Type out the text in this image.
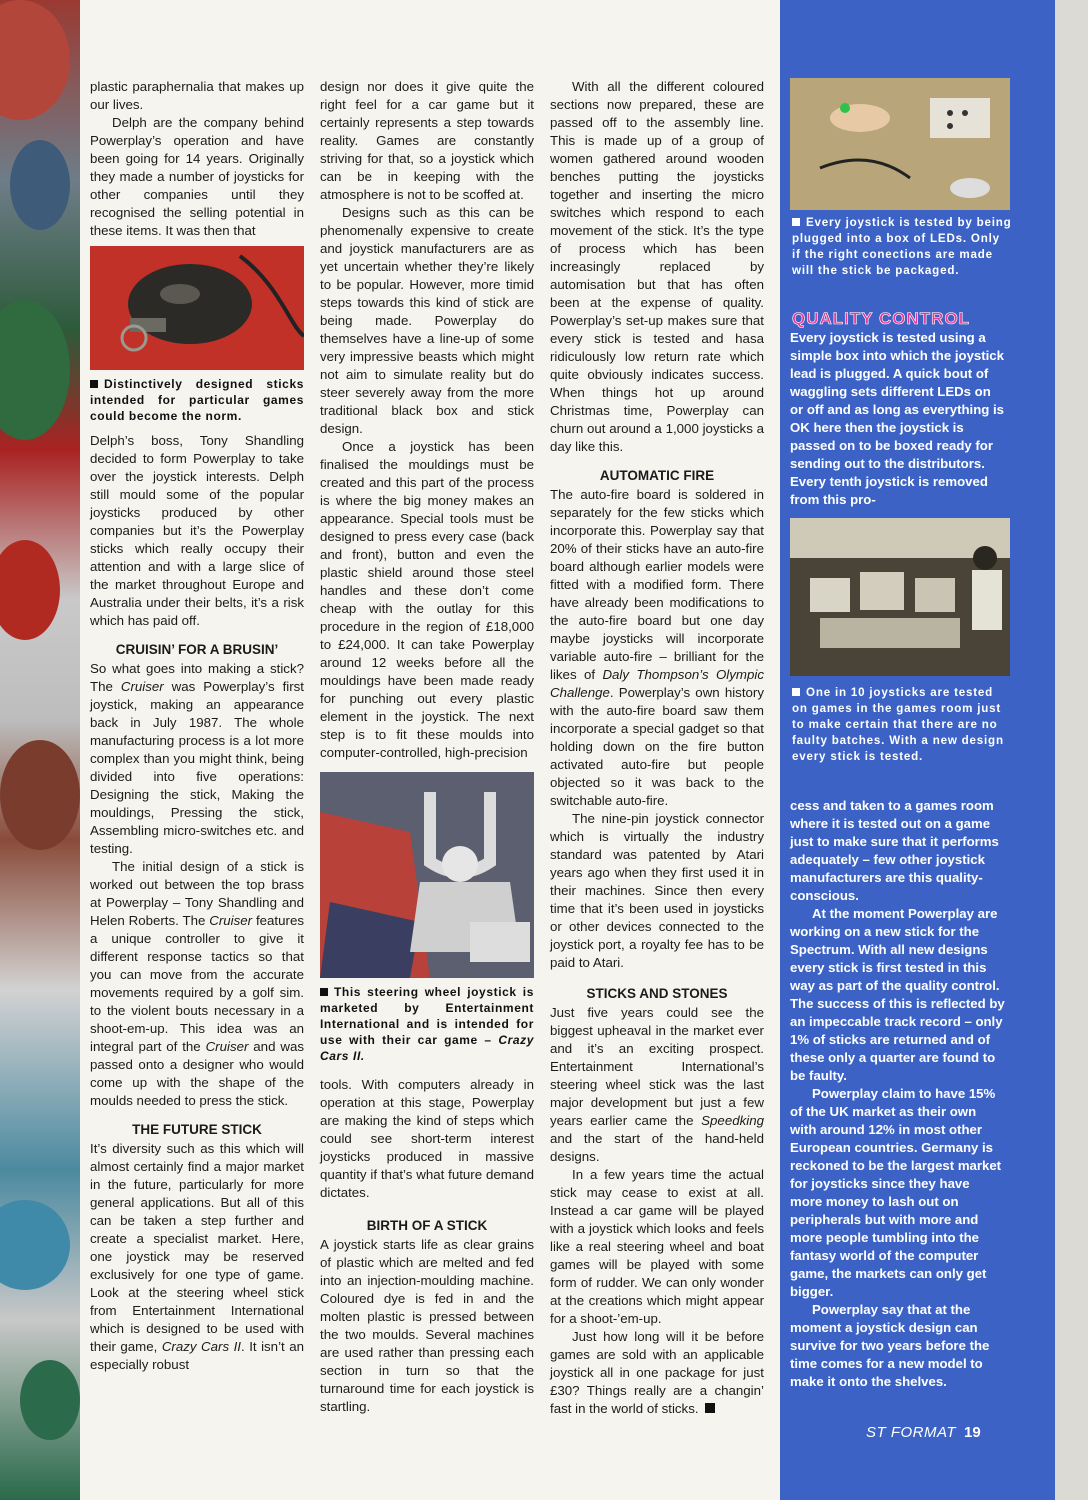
plastic paraphernalia that makes up our lives.

Delph are the company behind Powerplay’s operation and have been going for 14 years. Originally they made a number of joysticks for other companies until they recognised the selling potential in these items. It was then that

Distinctively designed sticks intended for particular games could become the norm.

Delph’s boss, Tony Shandling decided to form Powerplay to take over the joystick interests. Delph still mould some of the popular joysticks produced by other companies but it’s the Powerplay sticks which really occupy their attention and with a large slice of the market throughout Europe and Australia under their belts, it’s a risk which has paid off.

CRUISIN’ FOR A BRUSIN’

So what goes into making a stick? The Cruiser was Powerplay’s first joystick, making an appearance back in July 1987. The whole manufacturing process is a lot more complex than you might think, being divided into five operations: Designing the stick, Making the mouldings, Pressing the stick, Assembling micro-switches etc. and testing.

The initial design of a stick is worked out between the top brass at Powerplay – Tony Shandling and Helen Roberts. The Cruiser features a unique controller to give it different response tactics so that you can move from the accurate movements required by a golf sim. to the violent bouts necessary in a shoot-em-up. This idea was an integral part of the Cruiser and was passed onto a designer who would come up with the shape of the moulds needed to press the stick.

THE FUTURE STICK

It’s diversity such as this which will almost certainly find a major market in the future, particularly for more general applications. But all of this can be taken a step further and create a specialist market. Here, one joystick may be reserved exclusively for one type of game. Look at the steering wheel stick from Entertainment International which is designed to be used with their game, Crazy Cars II. It isn’t an especially robust

design nor does it give quite the right feel for a car game but it certainly represents a step towards reality. Games are constantly striving for that, so a joystick which can be in keeping with the atmosphere is not to be scoffed at.

Designs such as this can be phenomenally expensive to create and joystick manufacturers are as yet uncertain whether they’re likely to be popular. However, more timid steps towards this kind of stick are being made. Powerplay do themselves have a line-up of some very impressive beasts which might not aim to simulate reality but do steer severely away from the more traditional black box and stick design.

Once a joystick has been finalised the mouldings must be created and this part of the process is where the big money makes an appearance. Special tools must be designed to press every case (back and front), button and even the plastic shield around those steel handles and these don’t come cheap with the outlay for this procedure in the region of £18,000 to £24,000. It can take Powerplay around 12 weeks before all the mouldings have been made ready for punching out every plastic element in the joystick. The next step is to fit these moulds into computer-controlled, high-precision

This steering wheel joystick is marketed by Entertainment International and is intended for use with their car game – Crazy Cars II.

tools. With computers already in operation at this stage, Powerplay are making the kind of steps which could see short-term interest joysticks produced in massive quantity if that’s what future demand dictates.

BIRTH OF A STICK

A joystick starts life as clear grains of plastic which are melted and fed into an injection-moulding machine. Coloured dye is fed in and the molten plastic is pressed between the two moulds. Several machines are used rather than pressing each section in turn so that the turnaround time for each joystick is startling.

With all the different coloured sections now prepared, these are passed off to the assembly line. This is made up of a group of women gathered around wooden benches putting the joysticks together and inserting the micro switches which respond to each movement of the stick. It’s the type of process which has been increasingly replaced by automisation but that has often been at the expense of quality. Powerplay’s set-up makes sure that every stick is tested and hasa ridiculously low return rate which quite obviously indicates success. When things hot up around Christmas time, Powerplay can churn out around a 1,000 joysticks a day like this.

AUTOMATIC FIRE

The auto-fire board is soldered in separately for the few sticks which incorporate this. Powerplay say that 20% of their sticks have an auto-fire board although earlier models were fitted with a modified form. There have already been modifications to the auto-fire board but one day maybe joysticks will incorporate variable auto-fire – brilliant for the likes of Daly Thompson’s Olympic Challenge. Powerplay’s own history with the auto-fire board saw them incorporate a special gadget so that holding down on the fire button activated auto-fire but people objected so it was back to the switchable auto-fire.

The nine-pin joystick connector which is virtually the industry standard was patented by Atari years ago when they first used it in their machines. Since then every time that it’s been used in joysticks or other devices connected to the joystick port, a royalty fee has to be paid to Atari.

STICKS AND STONES

Just five years could see the biggest upheaval in the market ever and it’s an exciting prospect. Entertainment International’s steering wheel stick was the last major development but just a few years earlier came the Speedking and the start of the hand-held designs.

In a few years time the actual stick may cease to exist at all. Instead a car game will be played with a joystick which looks and feels like a real steering wheel and boat games will be played with some form of rudder. We can only wonder at the creations which might appear for a shoot-’em-up.

Just how long will it be before games are sold with an applicable joystick all in one package for just £30? Things really are a changin’ fast in the world of sticks.

Every joystick is tested by being plugged into a box of LEDs. Only if the right conections are made will the stick be packaged.
QUALITY CONTROL

Every joystick is tested using a simple box into which the joystick lead is plugged. A quick bout of waggling sets different LEDs on or off and as long as everything is OK here then the joystick is passed on to be boxed ready for sending out to the distributors. Every tenth joystick is removed from this pro-

One in 10 joysticks are tested on games in the games room just to make certain that there are no faulty batches. With a new design every stick is tested.

cess and taken to a games room where it is tested out on a game just to make sure that it performs adequately – few other joystick manufacturers are this quality-conscious.

At the moment Powerplay are working on a new stick for the Spectrum. With all new designs every stick is first tested in this way as part of the quality control. The success of this is reflected by an impeccable track record – only 1% of sticks are returned and of these only a quarter are found to be faulty.

Powerplay claim to have 15% of the UK market as their own with around 12% in most other European countries. Germany is reckoned to be the largest market for joysticks since they have more money to lash out on peripherals but with more and more people tumbling into the fantasy world of the computer game, the markets can only get bigger.

Powerplay say that at the moment a joystick design can survive for two years before the time comes for a new model to make it onto the shelves.

ST FORMAT 19
